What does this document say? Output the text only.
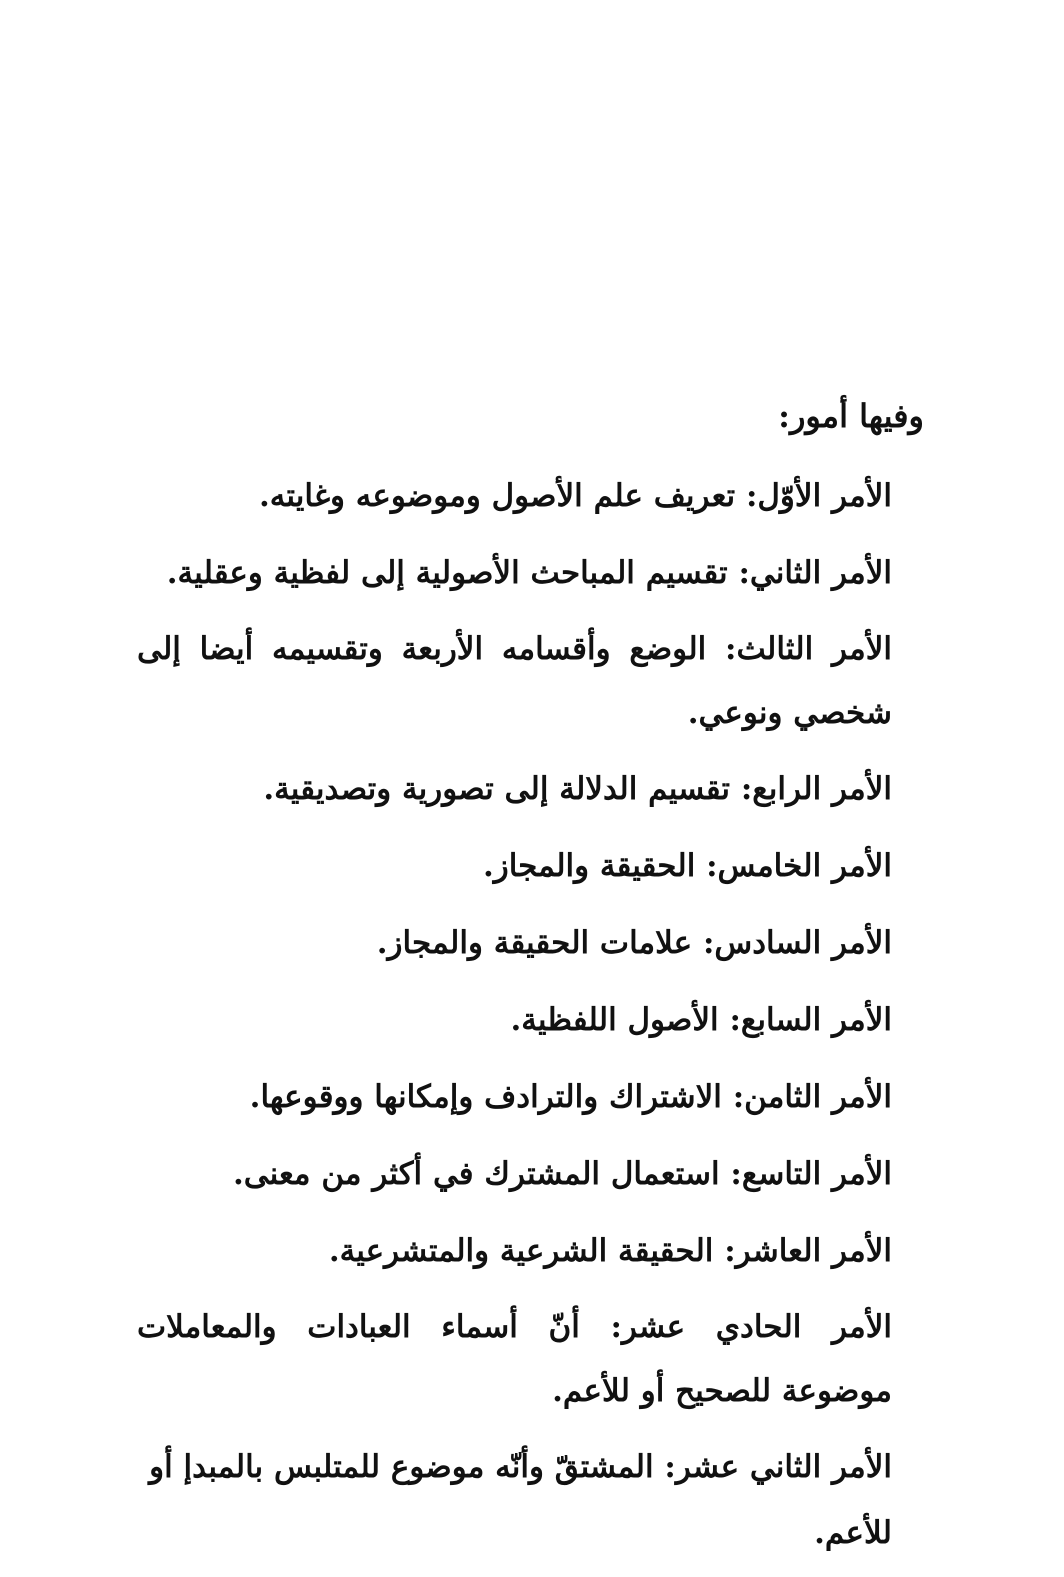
وفيها أمور:

الأمر الأوّل: تعريف علم الأصول وموضوعه وغايته.

الأمر الثاني: تقسيم المباحث الأصولية إلى لفظية وعقلية.

الأمر الثالث: الوضع وأقسامه الأربعة وتقسيمه أيضا إلى شخصي ونوعي.

الأمر الرابع: تقسيم الدلالة إلى تصورية وتصديقية.

الأمر الخامس: الحقيقة والمجاز.

الأمر السادس: علامات الحقيقة والمجاز.

الأمر السابع: الأصول اللفظية.

الأمر الثامن: الاشتراك والترادف وإمكانها ووقوعها.

الأمر التاسع: استعمال المشترك في أكثر من معنى.

الأمر العاشر: الحقيقة الشرعية والمتشرعية.

الأمر الحادي عشر: أنّ أسماء العبادات والمعاملات موضوعة للصحيح أو للأعم.

الأمر الثاني عشر: المشتقّ وأنّه موضوع للمتلبس بالمبدإ أو للأعم.
